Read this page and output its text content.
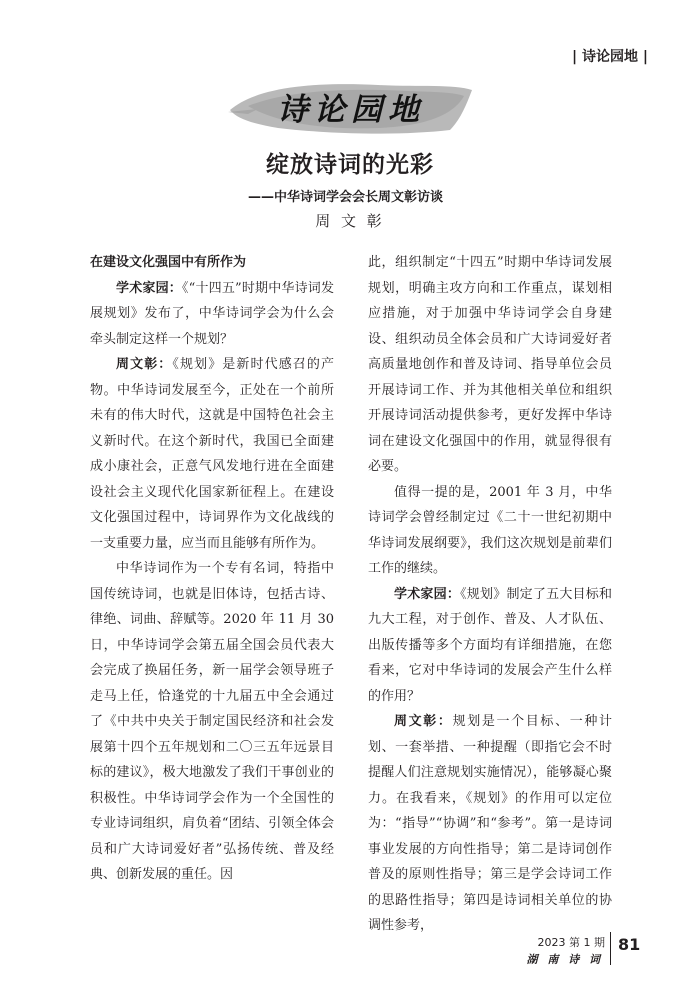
| 诗论园地 |
诗论园地
绽放诗词的光彩
——中华诗词学会会长周文彰访谈
周 文 彰
在建设文化强国中有所作为

学术家园：《“十四五”时期中华诗词发展规划》发布了，中华诗词学会为什么会牵头制定这样一个规划？

周文彰：《规划》是新时代感召的产物。中华诗词发展至今，正处在一个前所未有的伟大时代，这就是中国特色社会主义新时代。在这个新时代，我国已全面建成小康社会，正意气风发地行进在全面建设社会主义现代化国家新征程上。在建设文化强国过程中，诗词界作为文化战线的一支重要力量，应当而且能够有所作为。

中华诗词作为一个专有名词，特指中国传统诗词，也就是旧体诗，包括古诗、律绝、词曲、辞赋等。2020 年 11 月 30 日，中华诗词学会第五届全国会员代表大会完成了换届任务，新一届学会领导班子走马上任，恰逢党的十九届五中全会通过了《中共中央关于制定国民经济和社会发展第十四个五年规划和二〇三五年远景目标的建议》，极大地激发了我们干事创业的积极性。中华诗词学会作为一个全国性的专业诗词组织，肩负着“团结、引领全体会员和广大诗词爱好者”弘扬传统、普及经典、创新发展的重任。因

此，组织制定“十四五”时期中华诗词发展规划，明确主攻方向和工作重点，谋划相应措施，对于加强中华诗词学会自身建设、组织动员全体会员和广大诗词爱好者高质量地创作和普及诗词、指导单位会员开展诗词工作、并为其他相关单位和组织开展诗词活动提供参考，更好发挥中华诗词在建设文化强国中的作用，就显得很有必要。

值得一提的是，2001 年 3 月，中华诗词学会曾经制定过《二十一世纪初期中华诗词发展纲要》，我们这次规划是前辈们工作的继续。

学术家园：《规划》制定了五大目标和九大工程，对于创作、普及、人才队伍、出版传播等多个方面均有详细措施，在您看来，它对中华诗词的发展会产生什么样的作用？

周文彰：规划是一个目标、一种计划、一套举措、一种提醒（即指它会不时提醒人们注意规划实施情况），能够凝心聚力。在我看来，《规划》的作用可以定位为：“指导”“协调”和“参考”。第一是诗词事业发展的方向性指导；第二是诗词创作普及的原则性指导；第三是学会诗词工作的思路性指导；第四是诗词相关单位的协调性参考，

2023 第 1 期
湖 南 诗 词
81
